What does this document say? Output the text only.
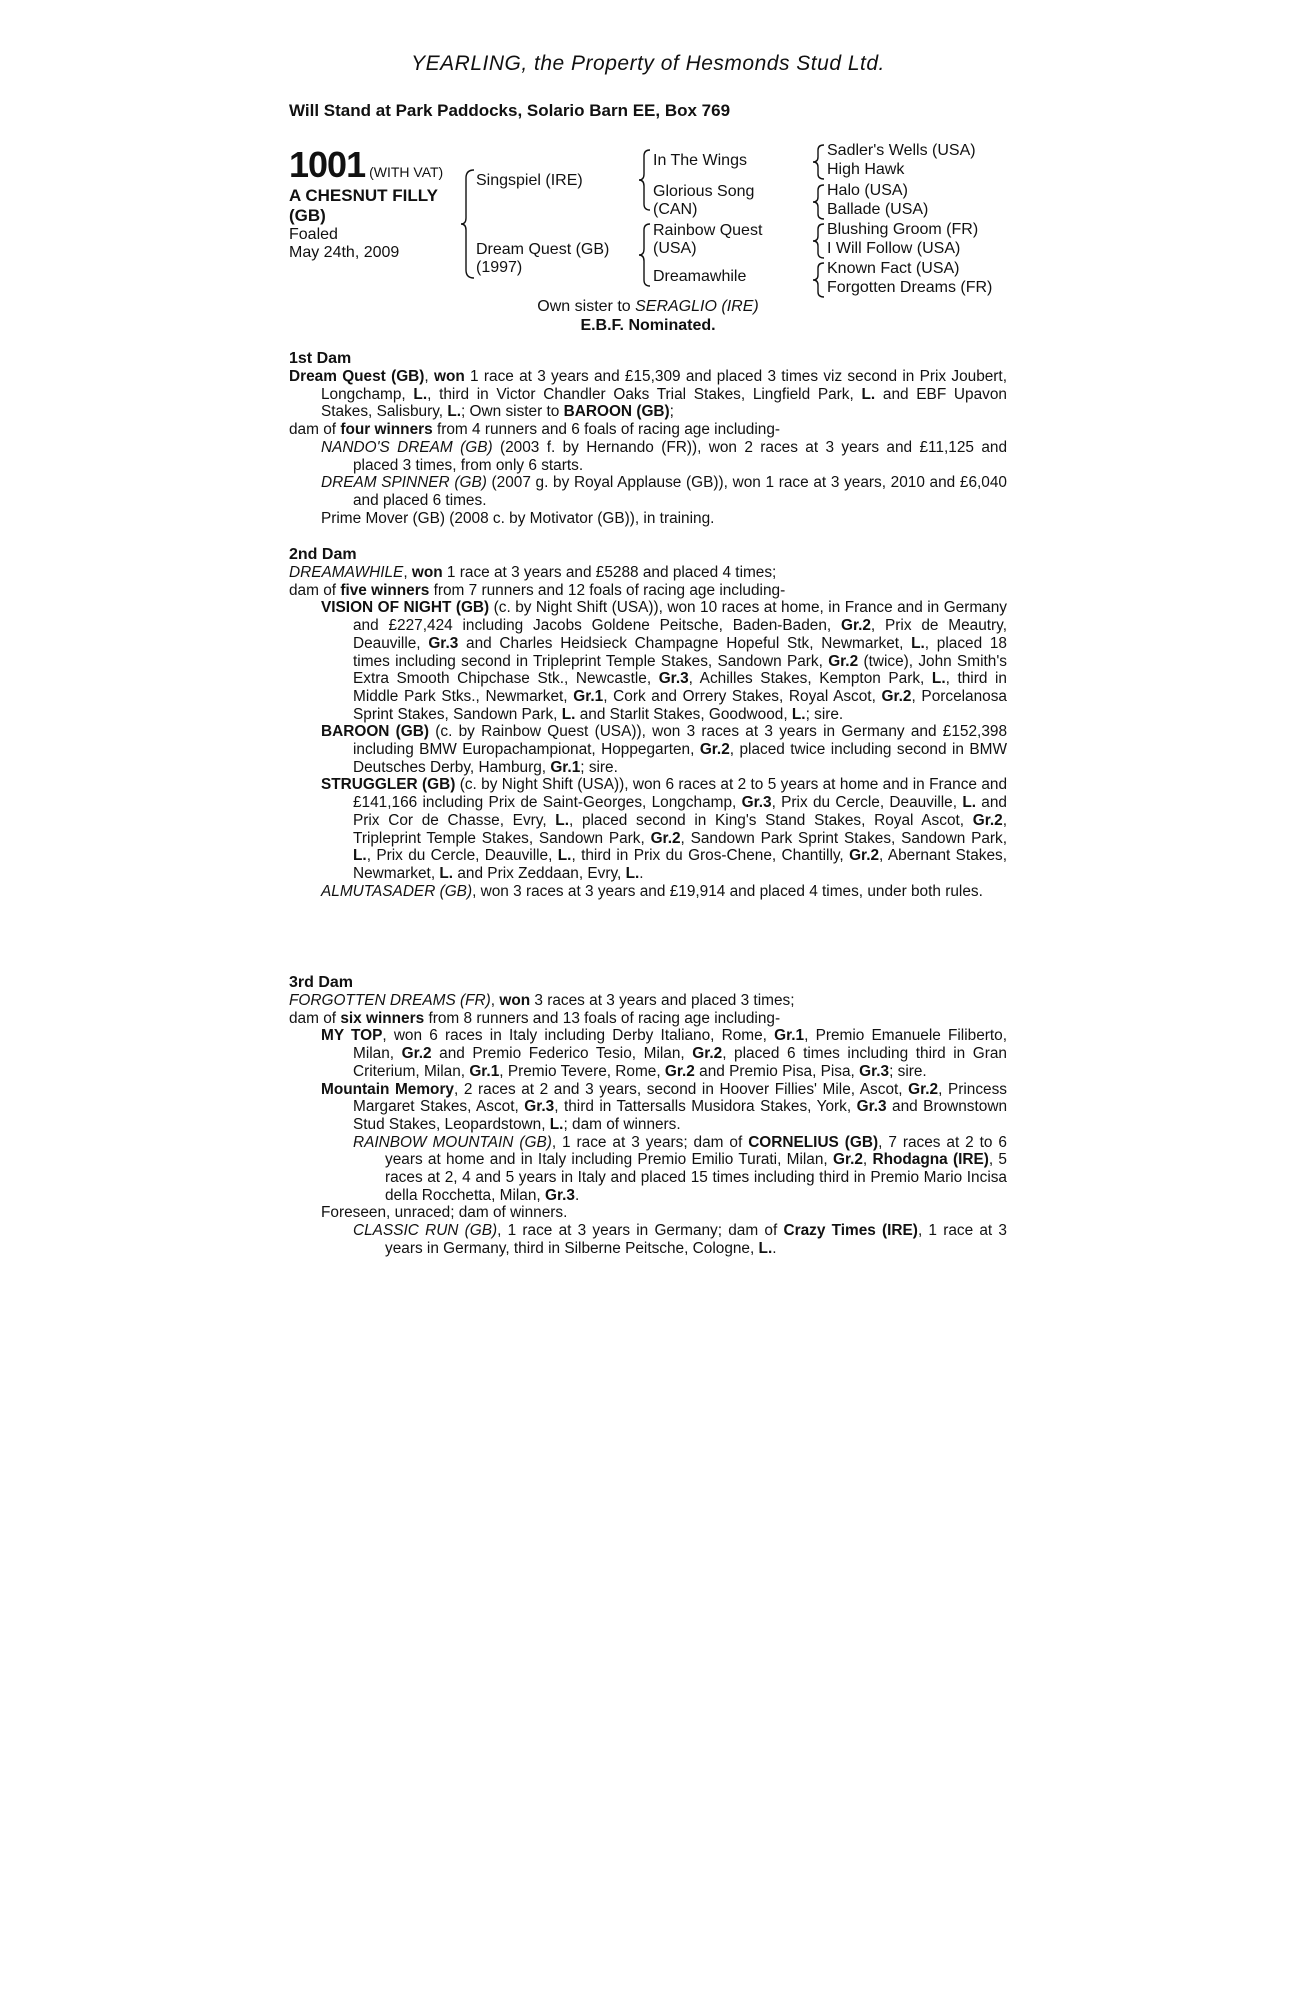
YEARLING, the Property of Hesmonds Stud Ltd.
Will Stand at Park Paddocks, Solario Barn EE, Box 769
1001 (WITH VAT)
A CHESNUT FILLY
(GB)
Foaled
May 24th, 2009
Singspiel (IRE)
Dream Quest (GB)
(1997)
In The Wings
Glorious Song
(CAN)
Rainbow Quest
(USA)
Dreamawhile
Sadler's Wells (USA)
High Hawk
Halo (USA)
Ballade (USA)
Blushing Groom (FR)
I Will Follow (USA)
Known Fact (USA)
Forgotten Dreams (FR)
Own sister to SERAGLIO (IRE)
E.B.F. Nominated.
1st Dam
Dream Quest (GB), won 1 race at 3 years and £15,309 and placed 3 times viz second in Prix Joubert, Longchamp, L., third in Victor Chandler Oaks Trial Stakes, Lingfield Park, L. and EBF Upavon Stakes, Salisbury, L.; Own sister to BAROON (GB);
dam of four winners from 4 runners and 6 foals of racing age including-
NANDO'S DREAM (GB) (2003 f. by Hernando (FR)), won 2 races at 3 years and £11,125 and placed 3 times, from only 6 starts.
DREAM SPINNER (GB) (2007 g. by Royal Applause (GB)), won 1 race at 3 years, 2010 and £6,040 and placed 6 times.
Prime Mover (GB) (2008 c. by Motivator (GB)), in training.
2nd Dam
DREAMAWHILE, won 1 race at 3 years and £5288 and placed 4 times;
dam of five winners from 7 runners and 12 foals of racing age including-
VISION OF NIGHT (GB) (c. by Night Shift (USA)), won 10 races at home, in France and in Germany and £227,424 including Jacobs Goldene Peitsche, Baden-Baden, Gr.2, Prix de Meautry, Deauville, Gr.3 and Charles Heidsieck Champagne Hopeful Stk, Newmarket, L., placed 18 times including second in Tripleprint Temple Stakes, Sandown Park, Gr.2 (twice), John Smith's Extra Smooth Chipchase Stk., Newcastle, Gr.3, Achilles Stakes, Kempton Park, L., third in Middle Park Stks., Newmarket, Gr.1, Cork and Orrery Stakes, Royal Ascot, Gr.2, Porcelanosa Sprint Stakes, Sandown Park, L. and Starlit Stakes, Goodwood, L.; sire.
BAROON (GB) (c. by Rainbow Quest (USA)), won 3 races at 3 years in Germany and £152,398 including BMW Europachampionat, Hoppegarten, Gr.2, placed twice including second in BMW Deutsches Derby, Hamburg, Gr.1; sire.
STRUGGLER (GB) (c. by Night Shift (USA)), won 6 races at 2 to 5 years at home and in France and £141,166 including Prix de Saint-Georges, Longchamp, Gr.3, Prix du Cercle, Deauville, L. and Prix Cor de Chasse, Evry, L., placed second in King's Stand Stakes, Royal Ascot, Gr.2, Tripleprint Temple Stakes, Sandown Park, Gr.2, Sandown Park Sprint Stakes, Sandown Park, L., Prix du Cercle, Deauville, L., third in Prix du Gros-Chene, Chantilly, Gr.2, Abernant Stakes, Newmarket, L. and Prix Zeddaan, Evry, L..
ALMUTASADER (GB), won 3 races at 3 years and £19,914 and placed 4 times, under both rules.
3rd Dam
FORGOTTEN DREAMS (FR), won 3 races at 3 years and placed 3 times;
dam of six winners from 8 runners and 13 foals of racing age including-
MY TOP, won 6 races in Italy including Derby Italiano, Rome, Gr.1, Premio Emanuele Filiberto, Milan, Gr.2 and Premio Federico Tesio, Milan, Gr.2, placed 6 times including third in Gran Criterium, Milan, Gr.1, Premio Tevere, Rome, Gr.2 and Premio Pisa, Pisa, Gr.3; sire.
Mountain Memory, 2 races at 2 and 3 years, second in Hoover Fillies' Mile, Ascot, Gr.2, Princess Margaret Stakes, Ascot, Gr.3, third in Tattersalls Musidora Stakes, York, Gr.3 and Brownstown Stud Stakes, Leopardstown, L.; dam of winners.
RAINBOW MOUNTAIN (GB), 1 race at 3 years; dam of CORNELIUS (GB), 7 races at 2 to 6 years at home and in Italy including Premio Emilio Turati, Milan, Gr.2, Rhodagna (IRE), 5 races at 2, 4 and 5 years in Italy and placed 15 times including third in Premio Mario Incisa della Rocchetta, Milan, Gr.3.
Foreseen, unraced; dam of winners.
CLASSIC RUN (GB), 1 race at 3 years in Germany; dam of Crazy Times (IRE), 1 race at 3 years in Germany, third in Silberne Peitsche, Cologne, L..
